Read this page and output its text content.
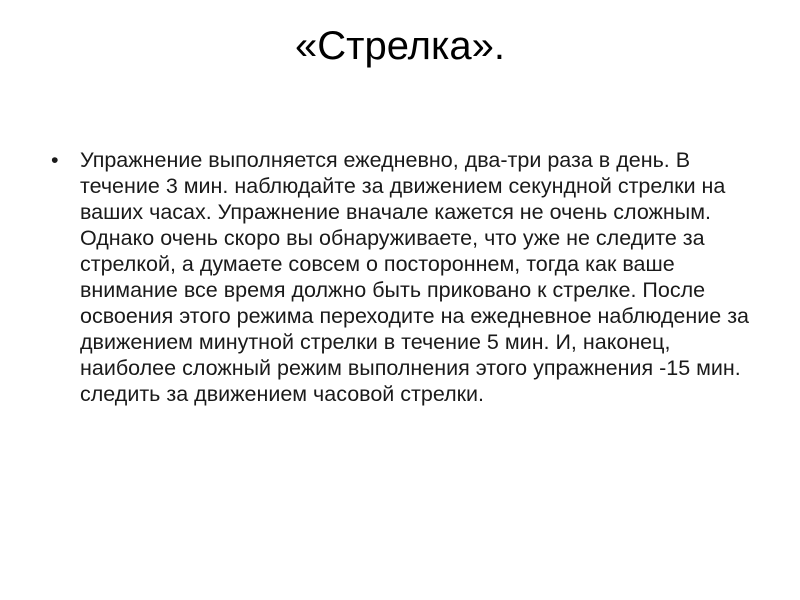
«Стрелка».
• Упражнение выполняется ежедневно, два-три раза в день. В течение 3 мин. наблюдайте за движением секундной стрелки на ваших часах. Упражнение вначале кажется не очень сложным. Однако очень скоро вы обнаруживаете, что уже не следите за стрелкой, а думаете совсем о постороннем, тогда как ваше внимание все время должно быть приковано к стрелке. После освоения этого режима переходите на ежедневное наблюдение за движением минутной стрелки в течение 5 мин. И, наконец, наиболее сложный режим выполнения этого упражнения -15 мин. следить за движением часовой стрелки.
